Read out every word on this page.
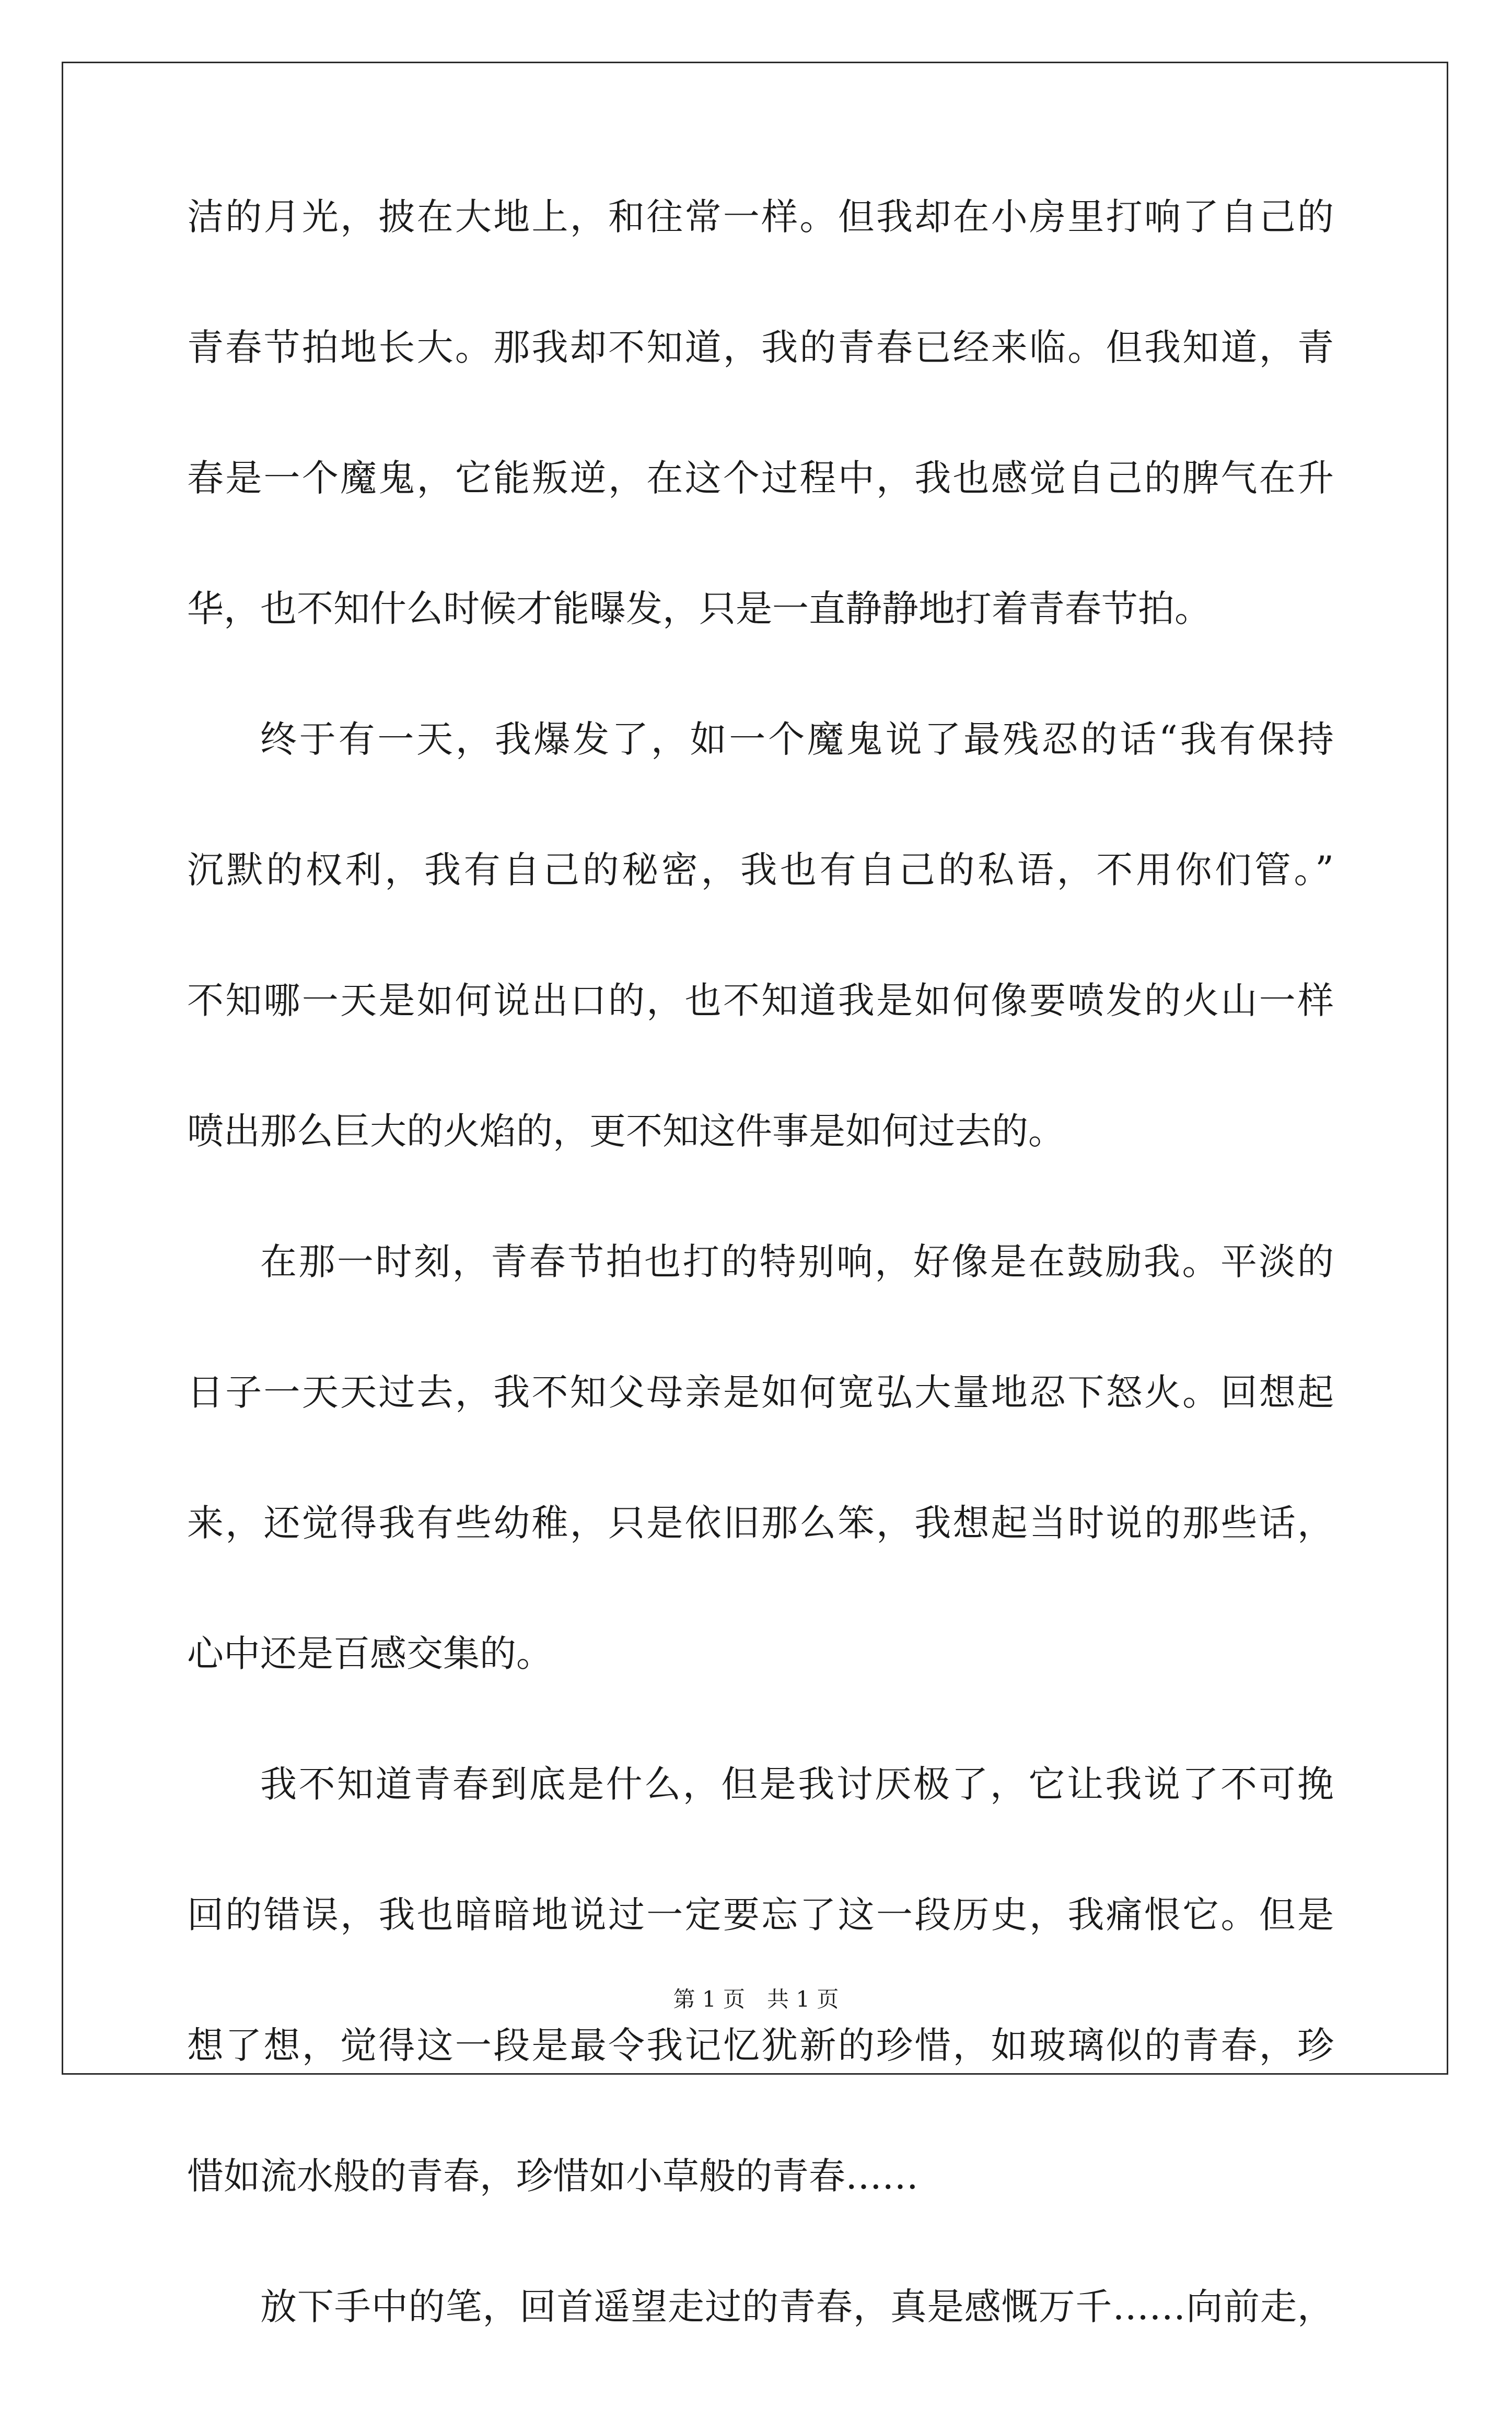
洁的月光，披在大地上，和往常一样。但我却在小房里打响了自己的
青春节拍地长大。那我却不知道，我的青春已经来临。但我知道，青
春是一个魔鬼，它能叛逆，在这个过程中，我也感觉自己的脾气在升
华，也不知什么时候才能曝发，只是一直静静地打着青春节拍。
终于有一天，我爆发了，如一个魔鬼说了最残忍的话“我有保持
沉默的权利，我有自己的秘密，我也有自己的私语，不用你们管。”
不知哪一天是如何说出口的，也不知道我是如何像要喷发的火山一样
喷出那么巨大的火焰的，更不知这件事是如何过去的。
在那一时刻，青春节拍也打的特别响，好像是在鼓励我。平淡的
日子一天天过去，我不知父母亲是如何宽弘大量地忍下怒火。回想起
来，还觉得我有些幼稚，只是依旧那么笨，我想起当时说的那些话，
心中还是百感交集的。
我不知道青春到底是什么，但是我讨厌极了，它让我说了不可挽
回的错误，我也暗暗地说过一定要忘了这一段历史，我痛恨它。但是
想了想，觉得这一段是最令我记忆犹新的珍惜，如玻璃似的青春，珍
惜如流水般的青春，珍惜如小草般的青春……
放下手中的笔，回首遥望走过的青春，真是感慨万千……向前走，
第 1 页　共 1 页
